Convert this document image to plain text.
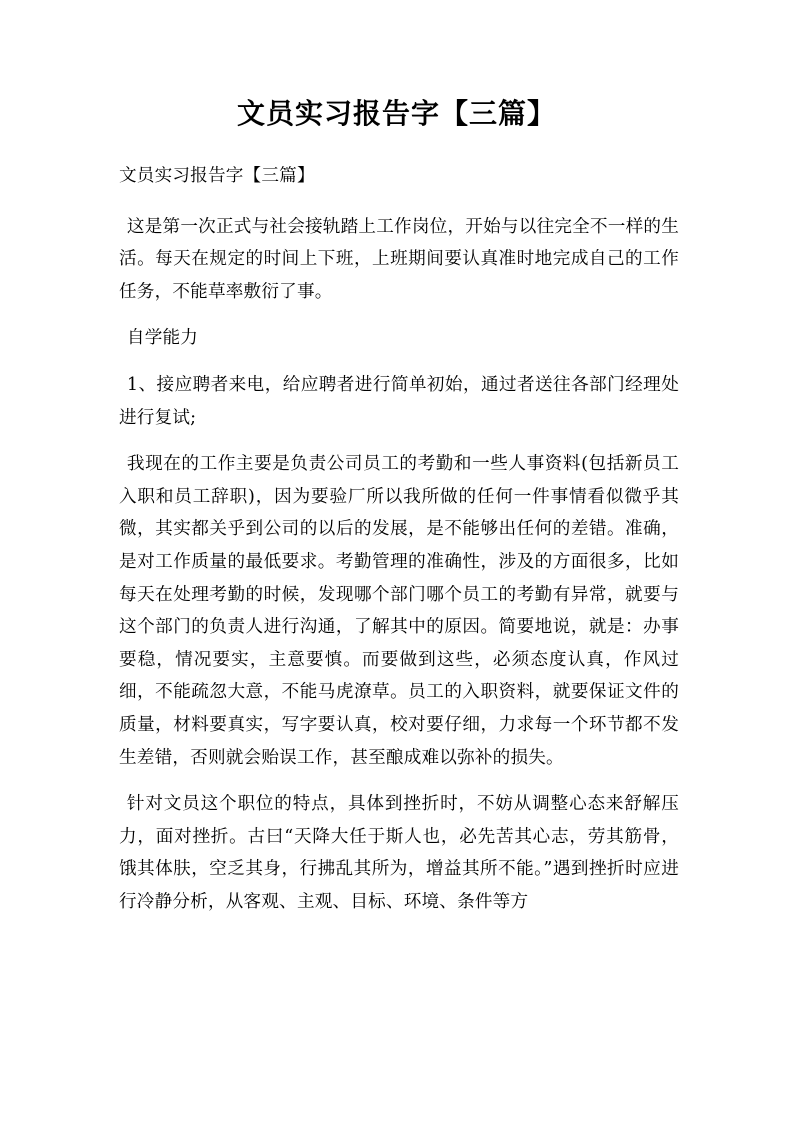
文员实习报告字【三篇】

文员实习报告字【三篇】

这是第一次正式与社会接轨踏上工作岗位，开始与以往完全不一样的生活。每天在规定的时间上下班，上班期间要认真准时地完成自己的工作任务，不能草率敷衍了事。

自学能力

1、接应聘者来电，给应聘者进行简单初始，通过者送往各部门经理处进行复试;

我现在的工作主要是负责公司员工的考勤和一些人事资料(包括新员工入职和员工辞职)，因为要验厂所以我所做的任何一件事情看似微乎其微，其实都关乎到公司的以后的发展，是不能够出任何的差错。准确，是对工作质量的最低要求。考勤管理的准确性，涉及的方面很多，比如每天在处理考勤的时候，发现哪个部门哪个员工的考勤有异常，就要与这个部门的负责人进行沟通，了解其中的原因。简要地说，就是：办事要稳，情况要实，主意要慎。而要做到这些，必须态度认真，作风过细，不能疏忽大意，不能马虎潦草。员工的入职资料，就要保证文件的质量，材料要真实，写字要认真，校对要仔细，力求每一个环节都不发生差错，否则就会贻误工作，甚至酿成难以弥补的损失。

针对文员这个职位的特点，具体到挫折时，不妨从调整心态来舒解压力，面对挫折。古曰“天降大任于斯人也，必先苦其心志，劳其筋骨，饿其体肤，空乏其身，行拂乱其所为，增益其所不能。”遇到挫折时应进行冷静分析，从客观、主观、目标、环境、条件等方
